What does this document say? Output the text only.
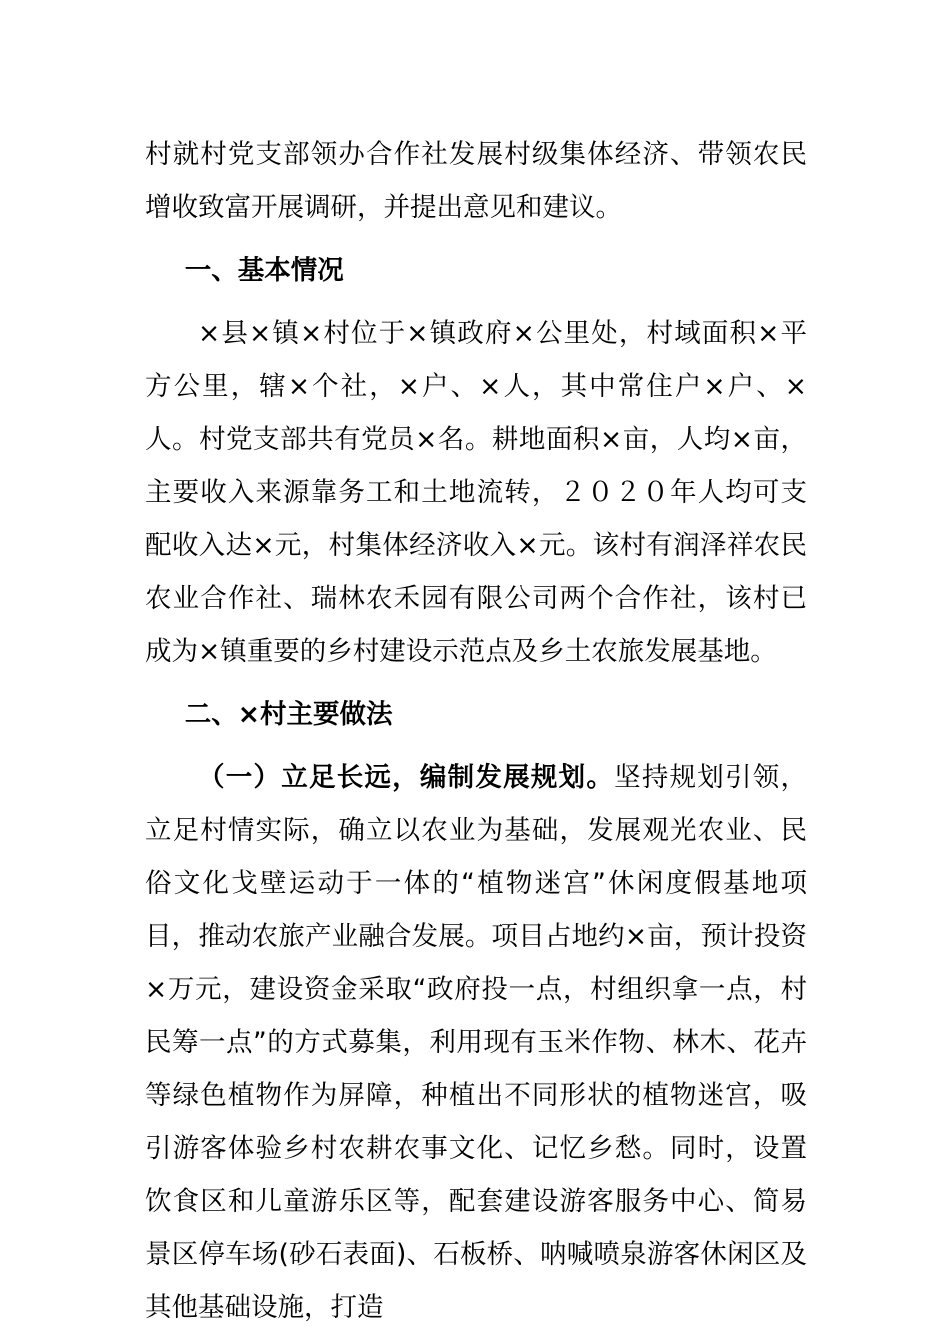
村就村党支部领办合作社发展村级集体经济、带领农民增收致富开展调研，并提出意见和建议。

一、基本情况

×县×镇×村位于×镇政府×公里处，村域面积×平方公里，辖×个社，×户、×人，其中常住户×户、×人。村党支部共有党员×名。耕地面积×亩，人均×亩，主要收入来源靠务工和土地流转，２０２０年人均可支配收入达×元，村集体经济收入×元。该村有润泽祥农民农业合作社、瑞林农禾园有限公司两个合作社，该村已成为×镇重要的乡村建设示范点及乡土农旅发展基地。

二、×村主要做法

（一）立足长远，编制发展规划。坚持规划引领，立足村情实际，确立以农业为基础，发展观光农业、民俗文化戈壁运动于一体的“植物迷宫”休闲度假基地项目，推动农旅产业融合发展。项目占地约×亩，预计投资×万元，建设资金采取“政府投一点，村组织拿一点，村民筹一点”的方式募集，利用现有玉米作物、林木、花卉等绿色植物作为屏障，种植出不同形状的植物迷宫，吸引游客体验乡村农耕农事文化、记忆乡愁。同时，设置饮食区和儿童游乐区等，配套建设游客服务中心、简易景区停车场(砂石表面)、石板桥、呐喊喷泉游客休闲区及其他基础设施，打造
